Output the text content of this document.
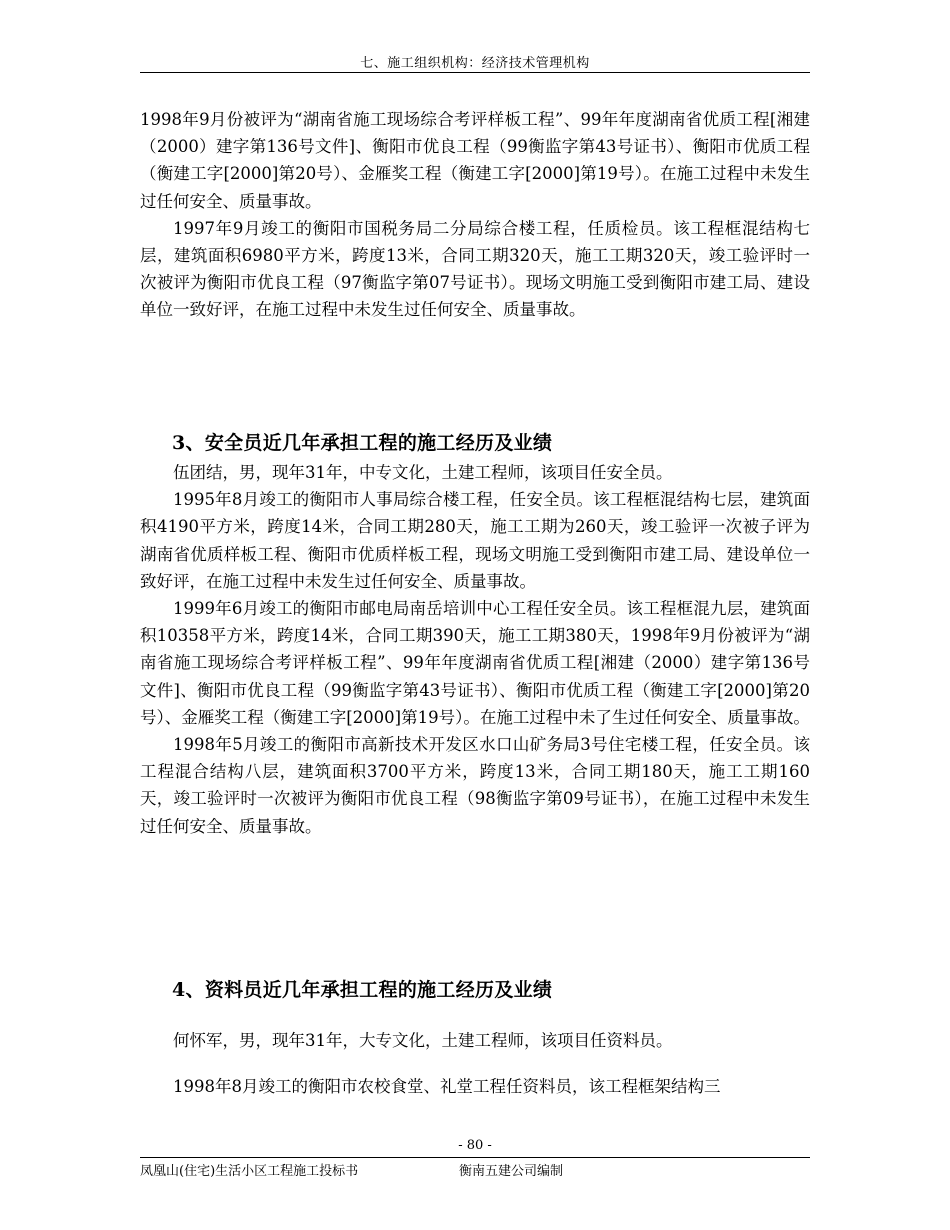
七、施工组织机构：经济技术管理机构

1998年9月份被评为“湖南省施工现场综合考评样板工程”、99年年度湖南省优质工程[湘建（2000）建字第136号文件]、衡阳市优良工程（99衡监字第43号证书）、衡阳市优质工程（衡建工字[2000]第20号）、金雁奖工程（衡建工字[2000]第19号）。在施工过程中未发生过任何安全、质量事故。

1997年9月竣工的衡阳市国税务局二分局综合楼工程，任质检员。该工程框混结构七层，建筑面积6980平方米，跨度13米，合同工期320天，施工工期320天，竣工验评时一次被评为衡阳市优良工程（97衡监字第07号证书）。现场文明施工受到衡阳市建工局、建设单位一致好评，在施工过程中未发生过任何安全、质量事故。

3、安全员近几年承担工程的施工经历及业绩

伍团结，男，现年31年，中专文化，土建工程师，该项目任安全员。

1995年8月竣工的衡阳市人事局综合楼工程，任安全员。该工程框混结构七层，建筑面积4190平方米，跨度14米，合同工期280天，施工工期为260天，竣工验评一次被子评为湖南省优质样板工程、衡阳市优质样板工程，现场文明施工受到衡阳市建工局、建设单位一致好评，在施工过程中未发生过任何安全、质量事故。

1999年6月竣工的衡阳市邮电局南岳培训中心工程任安全员。该工程框混九层，建筑面积10358平方米，跨度14米，合同工期390天，施工工期380天，1998年9月份被评为“湖南省施工现场综合考评样板工程”、99年年度湖南省优质工程[湘建（2000）建字第136号文件]、衡阳市优良工程（99衡监字第43号证书）、衡阳市优质工程（衡建工字[2000]第20号）、金雁奖工程（衡建工字[2000]第19号）。在施工过程中未了生过任何安全、质量事故。

1998年5月竣工的衡阳市高新技术开发区水口山矿务局3号住宅楼工程，任安全员。该工程混合结构八层，建筑面积3700平方米，跨度13米，合同工期180天，施工工期160天，竣工验评时一次被评为衡阳市优良工程（98衡监字第09号证书），在施工过程中未发生过任何安全、质量事故。

4、资料员近几年承担工程的施工经历及业绩

何怀军，男，现年31年，大专文化，土建工程师，该项目任资料员。

1998年8月竣工的衡阳市农校食堂、礼堂工程任资料员，该工程框架结构三

- 80 -
凤凰山(住宅)生活小区工程施工投标书	衡南五建公司编制
